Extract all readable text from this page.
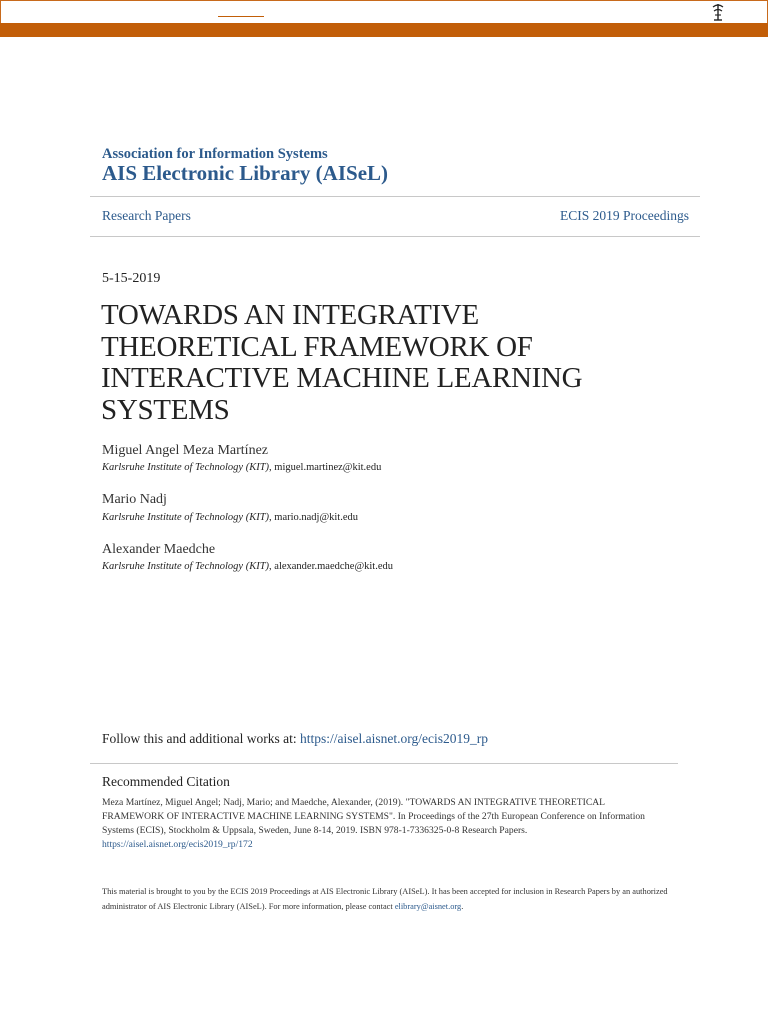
Association for Information Systems
AIS Electronic Library (AISeL)
Research Papers	ECIS 2019 Proceedings
5-15-2019
TOWARDS AN INTEGRATIVE THEORETICAL FRAMEWORK OF INTERACTIVE MACHINE LEARNING SYSTEMS
Miguel Angel Meza Martínez
Karlsruhe Institute of Technology (KIT), miguel.martinez@kit.edu
Mario Nadj
Karlsruhe Institute of Technology (KIT), mario.nadj@kit.edu
Alexander Maedche
Karlsruhe Institute of Technology (KIT), alexander.maedche@kit.edu
Follow this and additional works at: https://aisel.aisnet.org/ecis2019_rp
Recommended Citation
Meza Martínez, Miguel Angel; Nadj, Mario; and Maedche, Alexander, (2019). "TOWARDS AN INTEGRATIVE THEORETICAL FRAMEWORK OF INTERACTIVE MACHINE LEARNING SYSTEMS". In Proceedings of the 27th European Conference on Information Systems (ECIS), Stockholm & Uppsala, Sweden, June 8-14, 2019. ISBN 978-1-7336325-0-8 Research Papers.
https://aisel.aisnet.org/ecis2019_rp/172
This material is brought to you by the ECIS 2019 Proceedings at AIS Electronic Library (AISeL). It has been accepted for inclusion in Research Papers by an authorized administrator of AIS Electronic Library (AISeL). For more information, please contact elibrary@aisnet.org.
